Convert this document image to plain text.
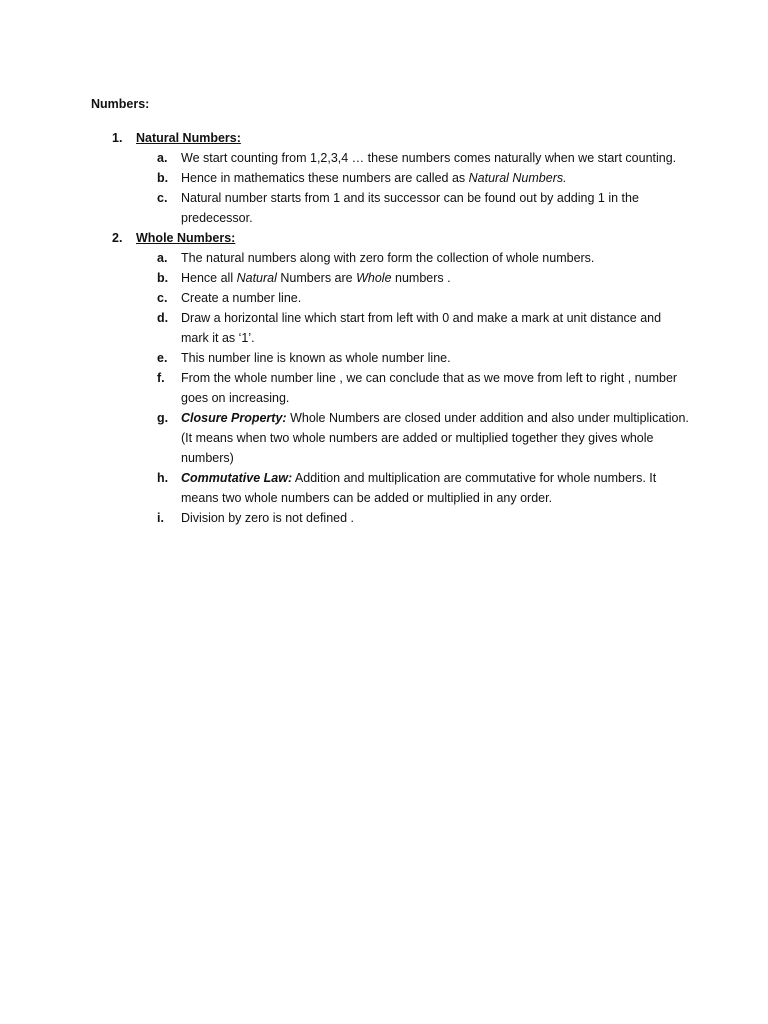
Numbers:
1. Natural Numbers:
a. We start counting from 1,2,3,4 … these numbers comes naturally when we start counting.
b. Hence in mathematics these numbers are called as Natural Numbers.
c. Natural number starts from 1 and its successor can be found out by adding 1 in the predecessor.
2. Whole Numbers:
a. The natural numbers along with zero form the collection of whole numbers.
b. Hence all Natural Numbers are Whole numbers .
c. Create a number line.
d. Draw a horizontal line which start from left with 0 and make a mark at unit distance and mark it as ‘1’.
e. This number line is known as whole number line.
f. From the whole number line , we can conclude that as we move from left to right , number goes on increasing.
g. Closure Property: Whole Numbers are closed under addition and also under multiplication. (It means when two whole numbers are added or multiplied together they gives whole numbers)
h. Commutative Law: Addition and multiplication are commutative for whole numbers. It means two whole numbers can be added or multiplied in any order.
i. Division by zero is not defined .
